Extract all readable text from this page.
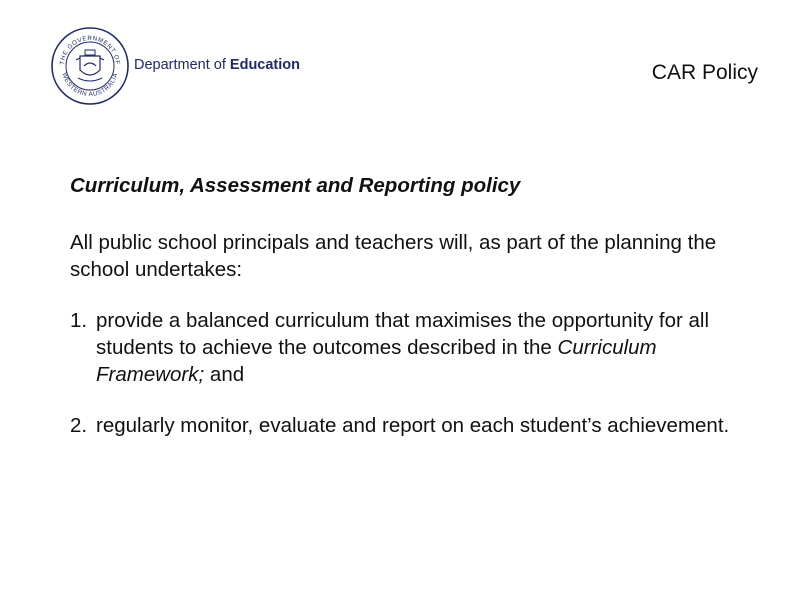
THE GOVERNMENT OF
WESTERN AUSTRALIA
Department of Education	CAR Policy
Curriculum, Assessment and Reporting policy
All public school principals and teachers will, as part of the planning the school undertakes:
1. provide a balanced curriculum that maximises the opportunity for all students to achieve the outcomes described in the Curriculum Framework; and
2. regularly monitor, evaluate and report on each student’s achievement.
